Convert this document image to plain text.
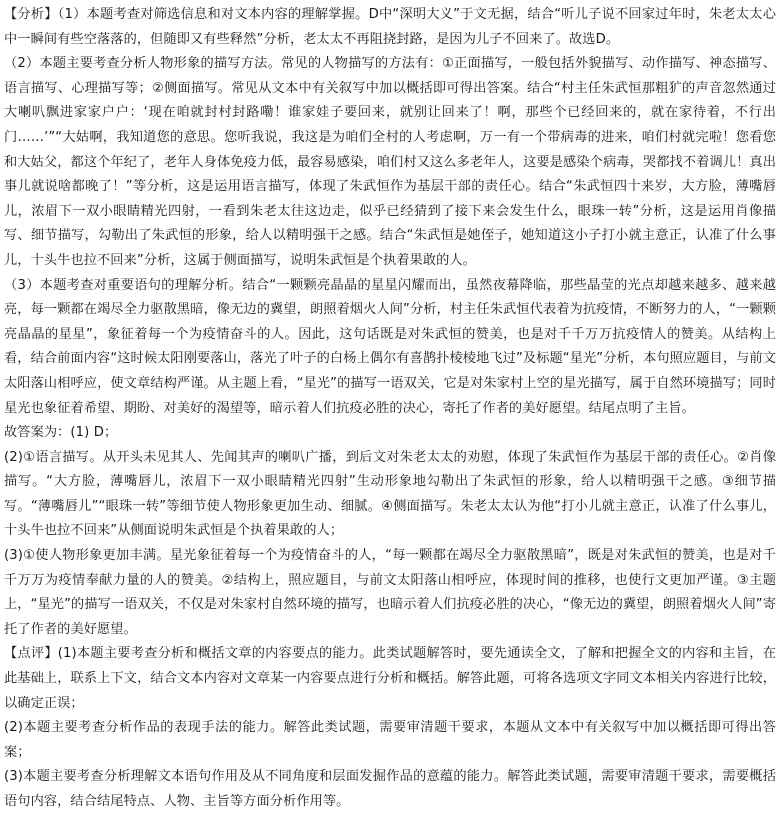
【分析】（1）本题考查对筛选信息和对文本内容的理解掌握。D中“深明大义”于文无据，结合“听儿子说不回家过年时，朱老太太心中一瞬间有些空落落的，但随即又有些释然”分析，老太太不再阻挠封路，是因为儿子不回来了。故选D。

（2）本题主要考查分析人物形象的描写方法。常见的人物描写的方法有：①正面描写，一般包括外貌描写、动作描写、神态描写、语言描写、心理描写等；②侧面描写。常见从文本中有关叙写中加以概括即可得出答案。结合“村主任朱武恒那粗犷的声音忽然通过大喇叭飘进家家户户：‘现在咱就封村封路嘞！谁家娃子要回来，就别让回来了！啊，那些个已经回来的，就在家待着，不行出门……’”“大姑啊，我知道您的意思。您听我说，我这是为咱们全村的人考虑啊，万一有一个带病毒的进来，咱们村就完啦！您看您和大姑父，都这个年纪了，老年人身体免疫力低，最容易感染，咱们村又这么多老年人，这要是感染个病毒，哭都找不着调儿！真出事儿就说啥都晚了！”等分析，这是运用语言描写，体现了朱武恒作为基层干部的责任心。结合“朱武恒四十来岁，大方脸，薄嘴唇儿，浓眉下一双小眼睛精光四射，一看到朱老太往这边走，似乎已经猜到了接下来会发生什么，眼珠一转”分析，这是运用肖像描写、细节描写，勾勒出了朱武恒的形象，给人以精明强干之感。结合“朱武恒是她侄子，她知道这小子打小就主意正，认准了什么事儿，十头牛也拉不回来”分析，这属于侧面描写，说明朱武恒是个执着果敢的人。

（3）本题考查对重要语句的理解分析。结合“一颗颗亮晶晶的星星闪耀而出，虽然夜幕降临，那些晶莹的光点却越来越多、越来越亮，每一颗都在竭尽全力驱散黑暗，像无边的冀望，朗照着烟火人间”分析，村主任朱武恒代表着为抗疫情，不断努力的人，“一颗颗亮晶晶的星星”，象征着每一个为疫情奋斗的人。因此，这句话既是对朱武恒的赞美，也是对千千万万抗疫情人的赞美。从结构上看，结合前面内容“这时候太阳刚要落山，落光了叶子的白杨上偶尔有喜鹊扑棱棱地飞过”及标题“星光”分析，本句照应题目，与前文太阳落山相呼应，使文章结构严谨。从主题上看，“星光”的描写一语双关，它是对朱家村上空的星光描写，属于自然环境描写；同时星光也象征着希望、期盼、对美好的渴望等，暗示着人们抗疫必胜的决心，寄托了作者的美好愿望。结尾点明了主旨。

故答案为：(1) D；

(2)①语言描写。从开头未见其人、先闻其声的喇叭广播，到后文对朱老太太的劝慰，体现了朱武恒作为基层干部的责任心。②肖像描写。“大方脸，薄嘴唇儿，浓眉下一双小眼睛精光四射”生动形象地勾勒出了朱武恒的形象，给人以精明强干之感。③细节描写。“薄嘴唇儿”“眼珠一转”等细节使人物形象更加生动、细腻。④侧面描写。朱老太太认为他“打小儿就主意正，认准了什么事儿，十头牛也拉不回来”从侧面说明朱武恒是个执着果敢的人；

(3)①使人物形象更加丰满。星光象征着每一个为疫情奋斗的人，“每一颗都在竭尽全力驱散黑暗”，既是对朱武恒的赞美，也是对千千万万为疫情奉献力量的人的赞美。②结构上，照应题目，与前文太阳落山相呼应，体现时间的推移，也使行文更加严谨。③主题上，“星光”的描写一语双关，不仅是对朱家村自然环境的描写，也暗示着人们抗疫必胜的决心，“像无边的冀望，朗照着烟火人间”寄托了作者的美好愿望。

【点评】(1)本题主要考查分析和概括文章的内容要点的能力。此类试题解答时，要先通读全文，了解和把握全文的内容和主旨，在此基础上，联系上下文，结合文本内容对文章某一内容要点进行分析和概括。解答此题，可将各选项文字同文本相关内容进行比较，以确定正误；

(2)本题主要考查分析作品的表现手法的能力。解答此类试题，需要审清题干要求，本题从文本中有关叙写中加以概括即可得出答案；

(3)本题主要考查分析理解文本语句作用及从不同角度和层面发掘作品的意蕴的能力。解答此类试题，需要审清题干要求，需要概括语句内容，结合结尾特点、人物、主旨等方面分析作用等。
